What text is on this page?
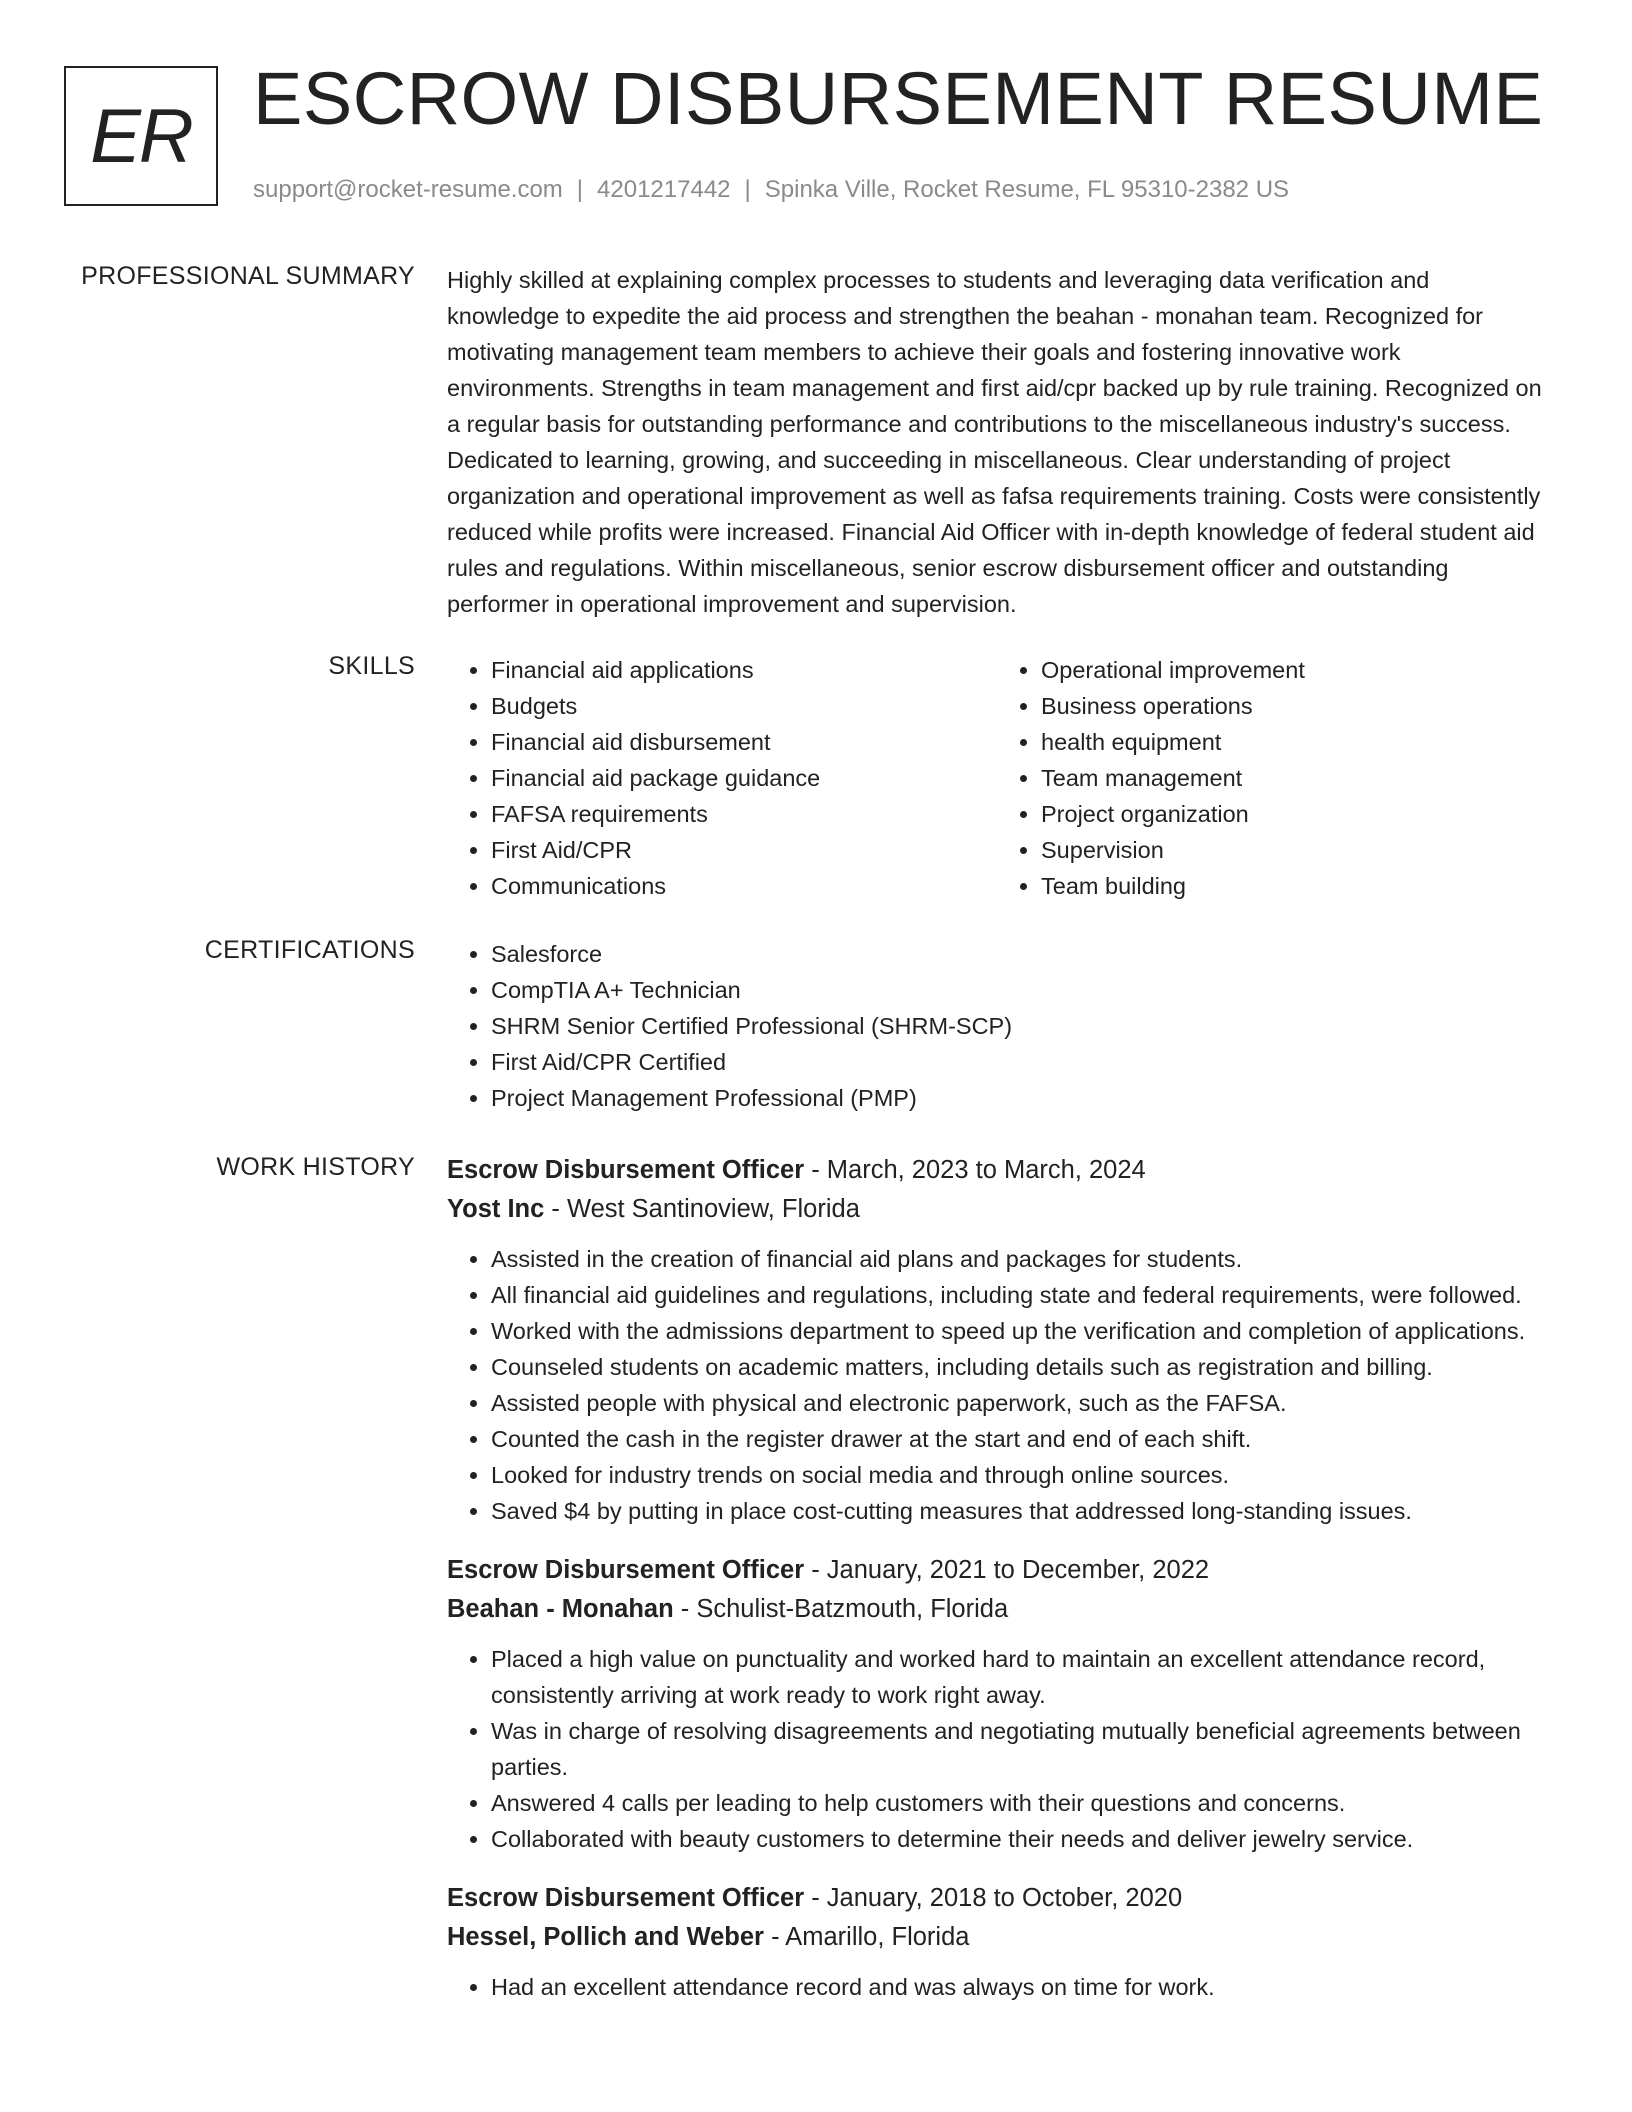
ER ESCROW DISBURSEMENT RESUME
support@rocket-resume.com | 4201217442 | Spinka Ville, Rocket Resume, FL 95310-2382 US
PROFESSIONAL SUMMARY Highly skilled at explaining complex processes to students and leveraging data verification and knowledge to expedite the aid process and strengthen the beahan - monahan team. Recognized for motivating management team members to achieve their goals and fostering innovative work environments. Strengths in team management and first aid/cpr backed up by rule training. Recognized on a regular basis for outstanding performance and contributions to the miscellaneous industry's success. Dedicated to learning, growing, and succeeding in miscellaneous. Clear understanding of project organization and operational improvement as well as fafsa requirements training. Costs were consistently reduced while profits were increased. Financial Aid Officer with in-depth knowledge of federal student aid rules and regulations. Within miscellaneous, senior escrow disbursement officer and outstanding performer in operational improvement and supervision.

SKILLS	• Financial aid applications
• Budgets
• Financial aid disbursement
• Financial aid package guidance
• FAFSA requirements
• First Aid/CPR
• Communications
• Operational improvement
• Business operations
• health equipment
• Team management
• Project organization
• Supervision
• Team building
CERTIFICATIONS	• Salesforce
• CompTIA A+ Technician
• SHRM Senior Certified Professional (SHRM-SCP)
• First Aid/CPR Certified
• Project Management Professional (PMP)
WORK HISTORY Escrow Disbursement Officer - March, 2023 to March, 2024
Yost Inc - West Santinoview, Florida
• Assisted in the creation of financial aid plans and packages for students.
• All financial aid guidelines and regulations, including state and federal requirements, were followed.
• Worked with the admissions department to speed up the verification and completion of applications.
• Counseled students on academic matters, including details such as registration and billing.
• Assisted people with physical and electronic paperwork, such as the FAFSA.
• Counted the cash in the register drawer at the start and end of each shift.
• Looked for industry trends on social media and through online sources.
• Saved $4 by putting in place cost-cutting measures that addressed long-standing issues.
Escrow Disbursement Officer - January, 2021 to December, 2022
Beahan - Monahan - Schulist-Batzmouth, Florida
• Placed a high value on punctuality and worked hard to maintain an excellent attendance record, consistently arriving at work ready to work right away.
• Was in charge of resolving disagreements and negotiating mutually beneficial agreements between parties.
• Answered 4 calls per leading to help customers with their questions and concerns.
• Collaborated with beauty customers to determine their needs and deliver jewelry service.
Escrow Disbursement Officer - January, 2018 to October, 2020
Hessel, Pollich and Weber - Amarillo, Florida
• Had an excellent attendance record and was always on time for work.
